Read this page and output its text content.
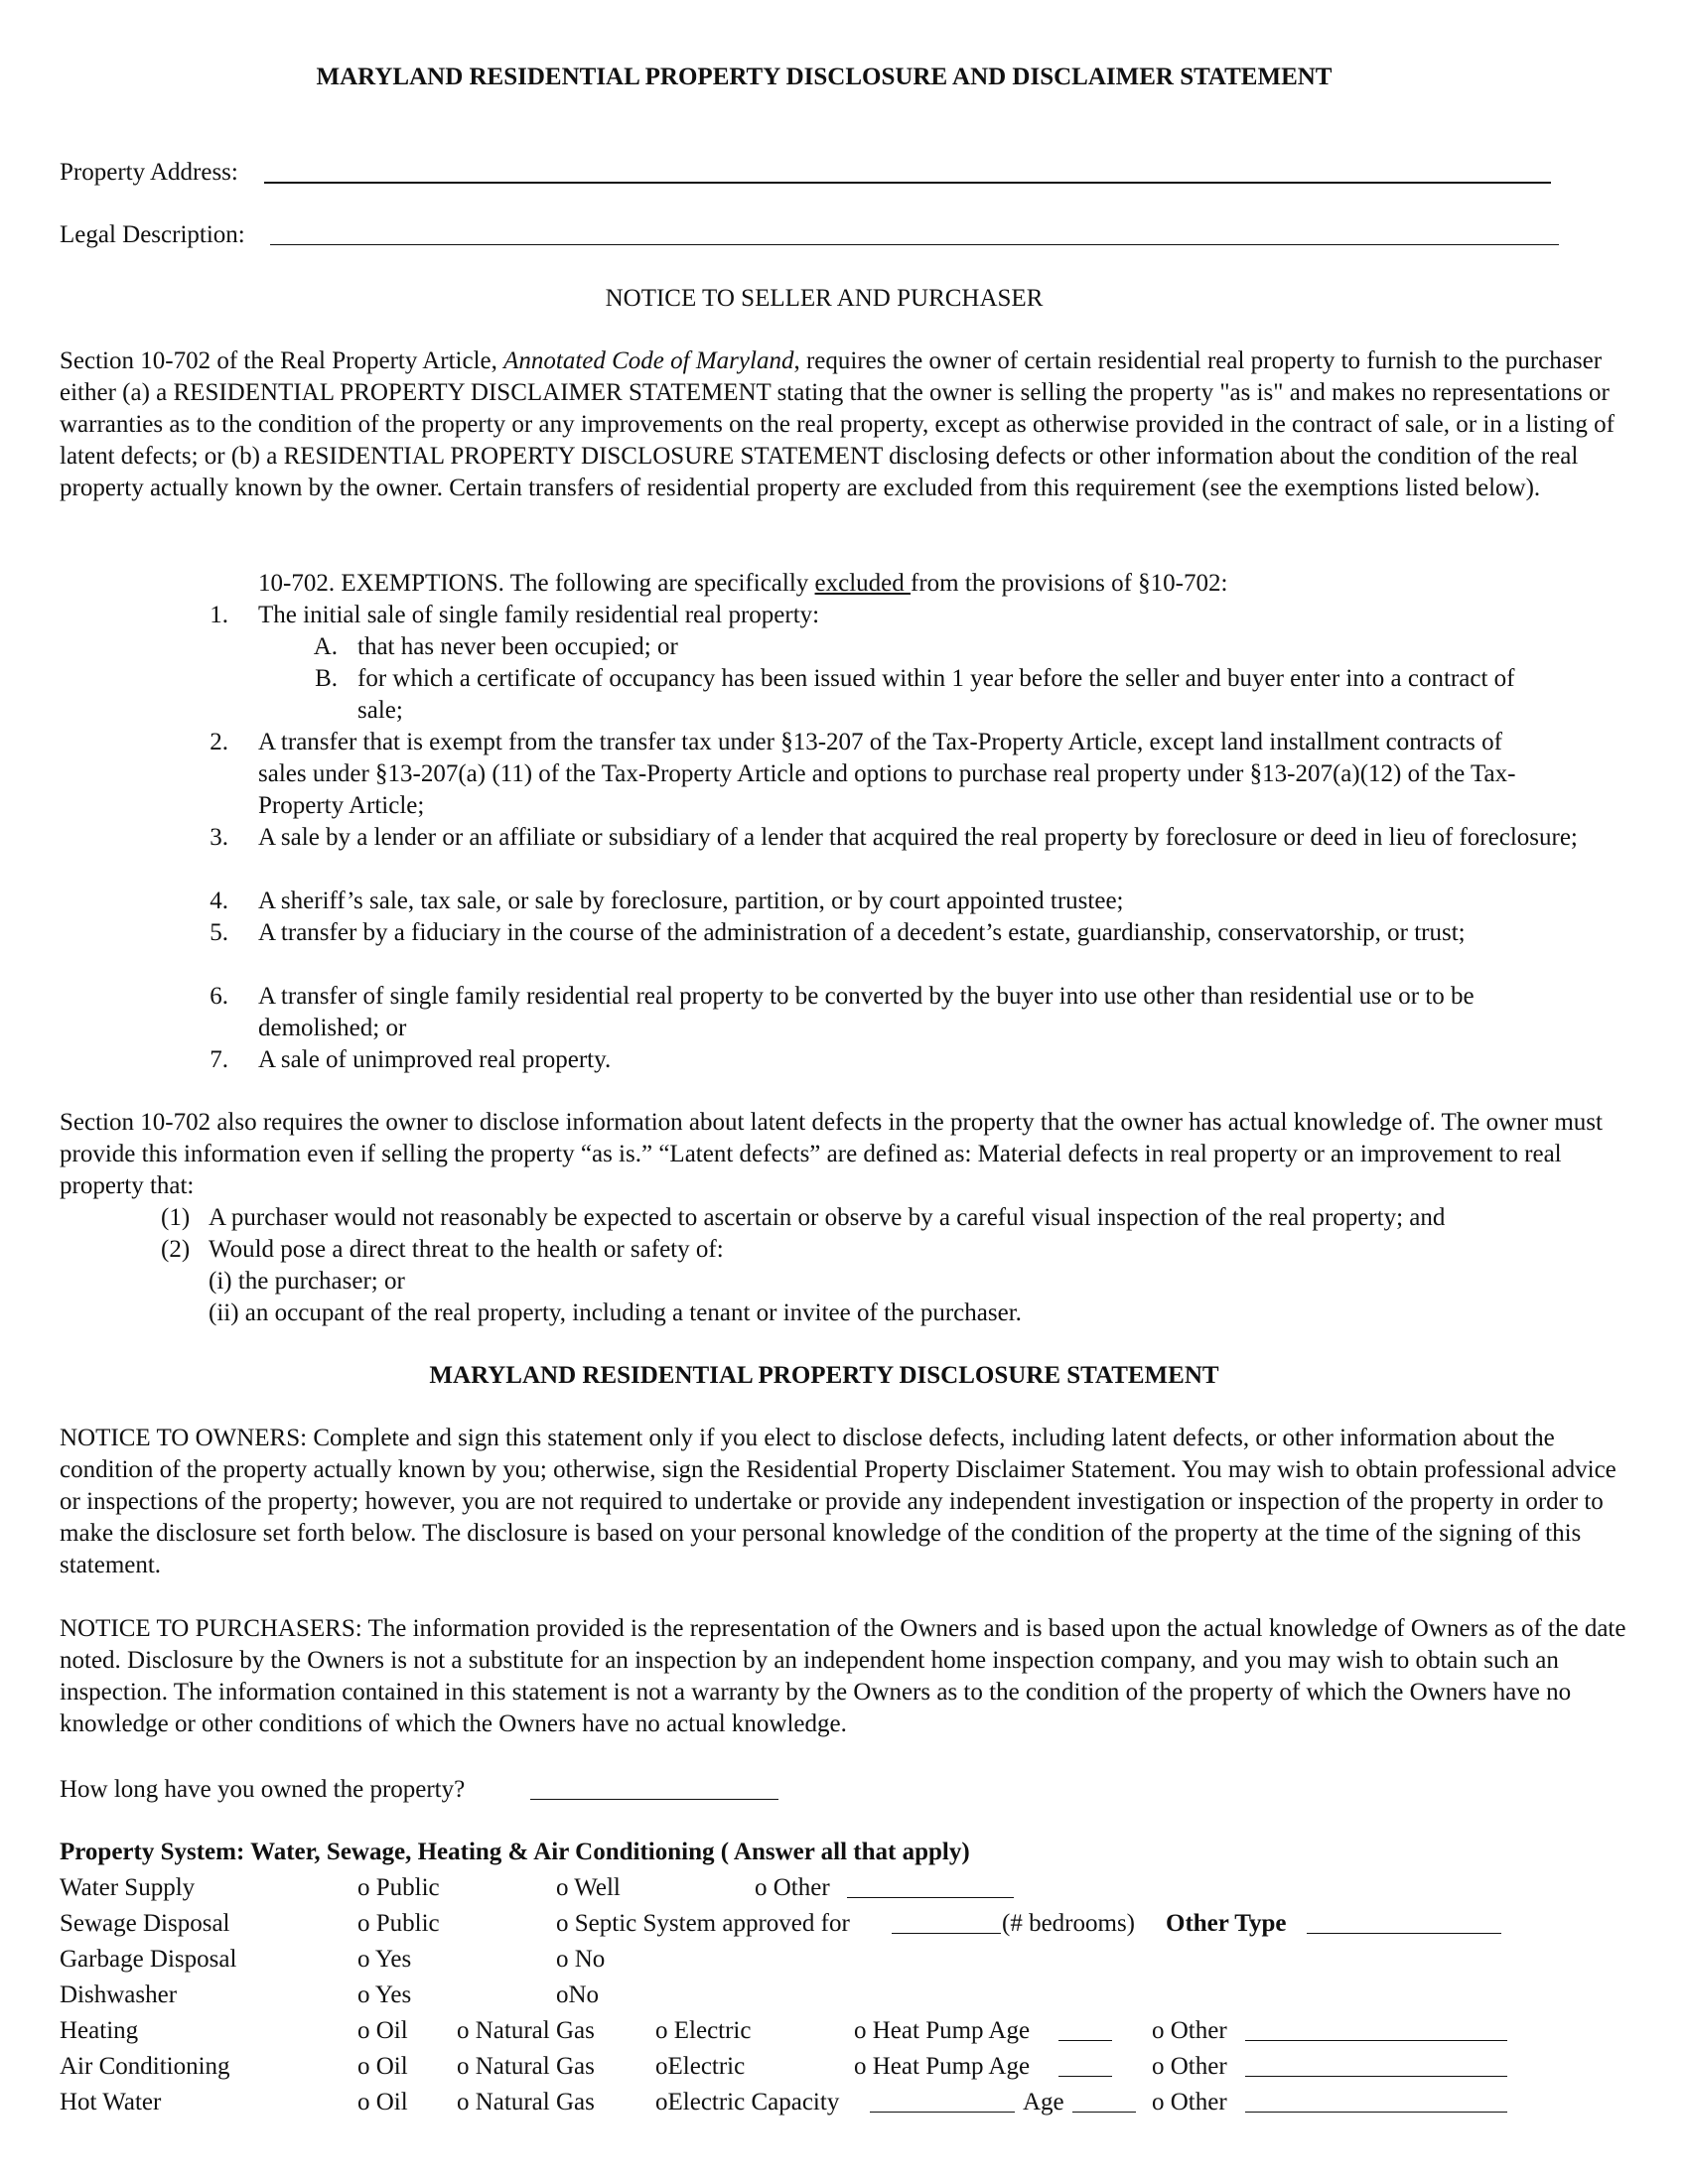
MARYLAND RESIDENTIAL PROPERTY DISCLOSURE AND DISCLAIMER STATEMENT
Property Address:
Legal Description:
NOTICE TO SELLER AND PURCHASER
Section 10-702 of the Real Property Article, Annotated Code of Maryland, requires the owner of certain residential real property to furnish to the purchaser either (a) a RESIDENTIAL PROPERTY DISCLAIMER STATEMENT stating that the owner is selling the property "as is" and makes no representations or warranties as to the condition of the property or any improvements on the real property, except as otherwise provided in the contract of sale, or in a listing of latent defects; or (b) a RESIDENTIAL PROPERTY DISCLOSURE STATEMENT disclosing defects or other information about the condition of the real property actually known by the owner. Certain transfers of residential property are excluded from this requirement (see the exemptions listed below).
10-702. EXEMPTIONS. The following are specifically excluded from the provisions of §10-702:
1. The initial sale of single family residential real property:
A. that has never been occupied; or
B. for which a certificate of occupancy has been issued within 1 year before the seller and buyer enter into a contract of sale;
2. A transfer that is exempt from the transfer tax under §13-207 of the Tax-Property Article, except land installment contracts of sales under §13-207(a) (11) of the Tax-Property Article and options to purchase real property under §13-207(a)(12) of the Tax-Property Article;
3. A sale by a lender or an affiliate or subsidiary of a lender that acquired the real property by foreclosure or deed in lieu of foreclosure;
4. A sheriff’s sale, tax sale, or sale by foreclosure, partition, or by court appointed trustee;
5. A transfer by a fiduciary in the course of the administration of a decedent’s estate, guardianship, conservatorship, or trust;
6. A transfer of single family residential real property to be converted by the buyer into use other than residential use or to be demolished; or
7. A sale of unimproved real property.
Section 10-702 also requires the owner to disclose information about latent defects in the property that the owner has actual knowledge of. The owner must provide this information even if selling the property “as is.” “Latent defects” are defined as: Material defects in real property or an improvement to real property that:
(1) A purchaser would not reasonably be expected to ascertain or observe by a careful visual inspection of the real property; and
(2) Would pose a direct threat to the health or safety of:
(i) the purchaser; or
(ii) an occupant of the real property, including a tenant or invitee of the purchaser.
MARYLAND RESIDENTIAL PROPERTY DISCLOSURE STATEMENT
NOTICE TO OWNERS: Complete and sign this statement only if you elect to disclose defects, including latent defects, or other information about the condition of the property actually known by you; otherwise, sign the Residential Property Disclaimer Statement. You may wish to obtain professional advice or inspections of the property; however, you are not required to undertake or provide any independent investigation or inspection of the property in order to make the disclosure set forth below. The disclosure is based on your personal knowledge of the condition of the property at the time of the signing of this statement.
NOTICE TO PURCHASERS: The information provided is the representation of the Owners and is based upon the actual knowledge of Owners as of the date noted. Disclosure by the Owners is not a substitute for an inspection by an independent home inspection company, and you may wish to obtain such an inspection. The information contained in this statement is not a warranty by the Owners as to the condition of the property of which the Owners have no knowledge or other conditions of which the Owners have no actual knowledge.
How long have you owned the property?
Property System: Water, Sewage, Heating & Air Conditioning ( Answer all that apply)
Water Supply	o Public	o Well	o Other
Sewage Disposal	o Public	o Septic System approved for	(# bedrooms) Other Type
Garbage Disposal	o Yes	o No
Dishwasher	o Yes	oNo
Heating	o Oil o Natural Gas o Electric	o Heat Pump Age	o Other
Air Conditioning	o Oil o Natural Gas oElectric	o Heat Pump Age	o Other
Hot Water	o Oil o Natural Gas oElectric Capacity	Age	o Other
